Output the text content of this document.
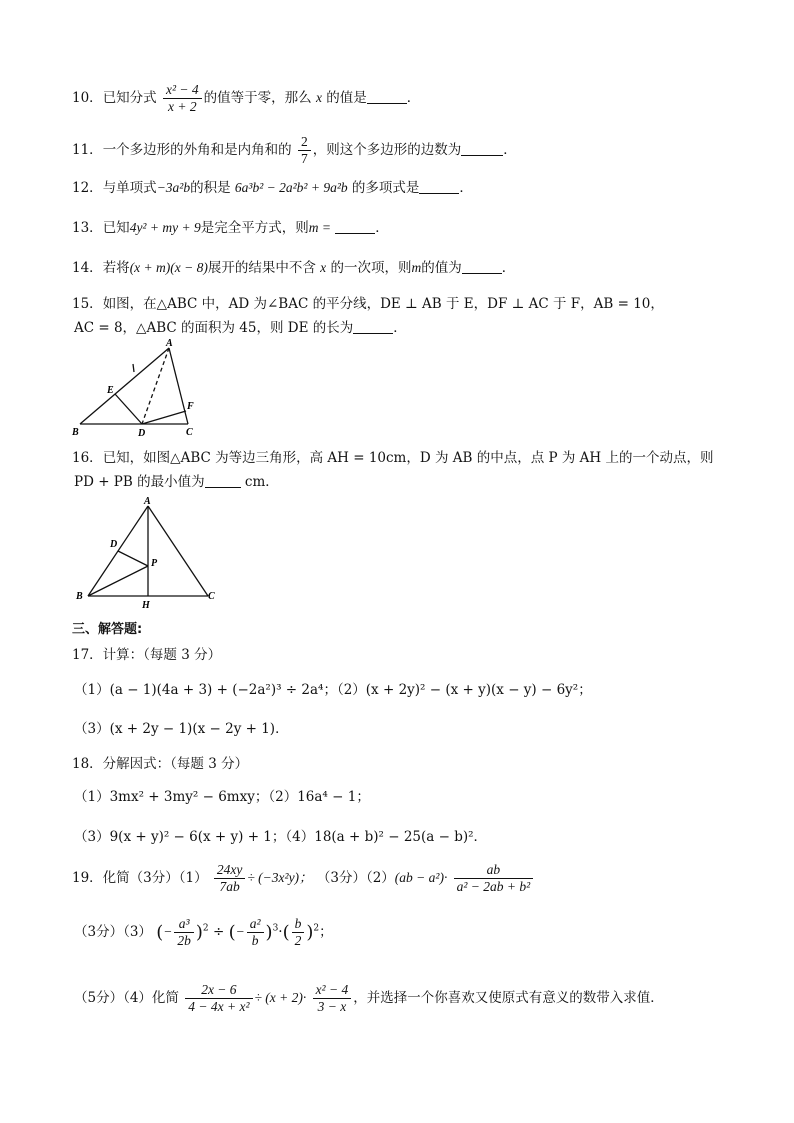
10．已知分式 $\frac{\text{x² − 4}}{x + 2}$ 的值等于零，那么 x 的值是	．
11．一个多边形的外角和是内角和的 $\frac{2}{7}$ ，则这个多边形的边数为	．
12．与单项式−3a²b的积是 6a³b² − 2a²b² + 9a²b 的多项式是	．
13．已知4y² + my + 9是完全平方式，则m =	．
14．若将(x + m)(x − 8)展开的结果中不含 x 的一次项，则m的值为	．
15．如图，在△ABC 中，AD 为∠BAC 的平分线，DE ⊥ AB 于 E，DF ⊥ AC 于 F，AB = 10，
AC = 8，△ABC 的面积为 45，则 DE 的长为	．
A
B	C
D
E
F
16．已知，如图△ABC 为等边三角形，高 AH = 10cm，D 为 AB 的中点，点 P 为 AH 上的一个动点，则
PD + PB 的最小值为	cm．
A
B	C
D
P
H
三、解答题:
17．计算：（每题 3 分）
（1）(a − 1)(4a + 3) + (−2a²)³ ÷ 2a⁴；（2）(x + 2y)² − (x + y)(x − y) − 6y²；
（3）(x + 2y − 1)(x − 2y + 1)．
18．分解因式：（每题 3 分）
（1）3mx² + 3my² − 6mxy；（2）16a⁴ − 1；
（3）9(x + y)² − 6(x + y) + 1；（4）18(a + b)² − 25(a − b)²．
19．化简（3分）$(1) \frac{24xy}{7ab} \div (-3x^2y)$； （3分）$(2)(ab - a^2)\cdot \frac{ab}{\text{a² − 2ab + b²}}$
（3分）（3） (− $\frac{\text{a³}}{2b} )^2$ ÷ (− $\frac{\text{a²}}{b} )^3\cdot( \frac{b}{2} )^2$；
（5分）（4）化简 $\frac{2x - 6}{\text{4 − 4x + x²}} \div (x + 2)\cdot \frac{\text{x² − 4}}{3 - x}$ ，并选择一个你喜欢又使原式有意义的数带入求值．
